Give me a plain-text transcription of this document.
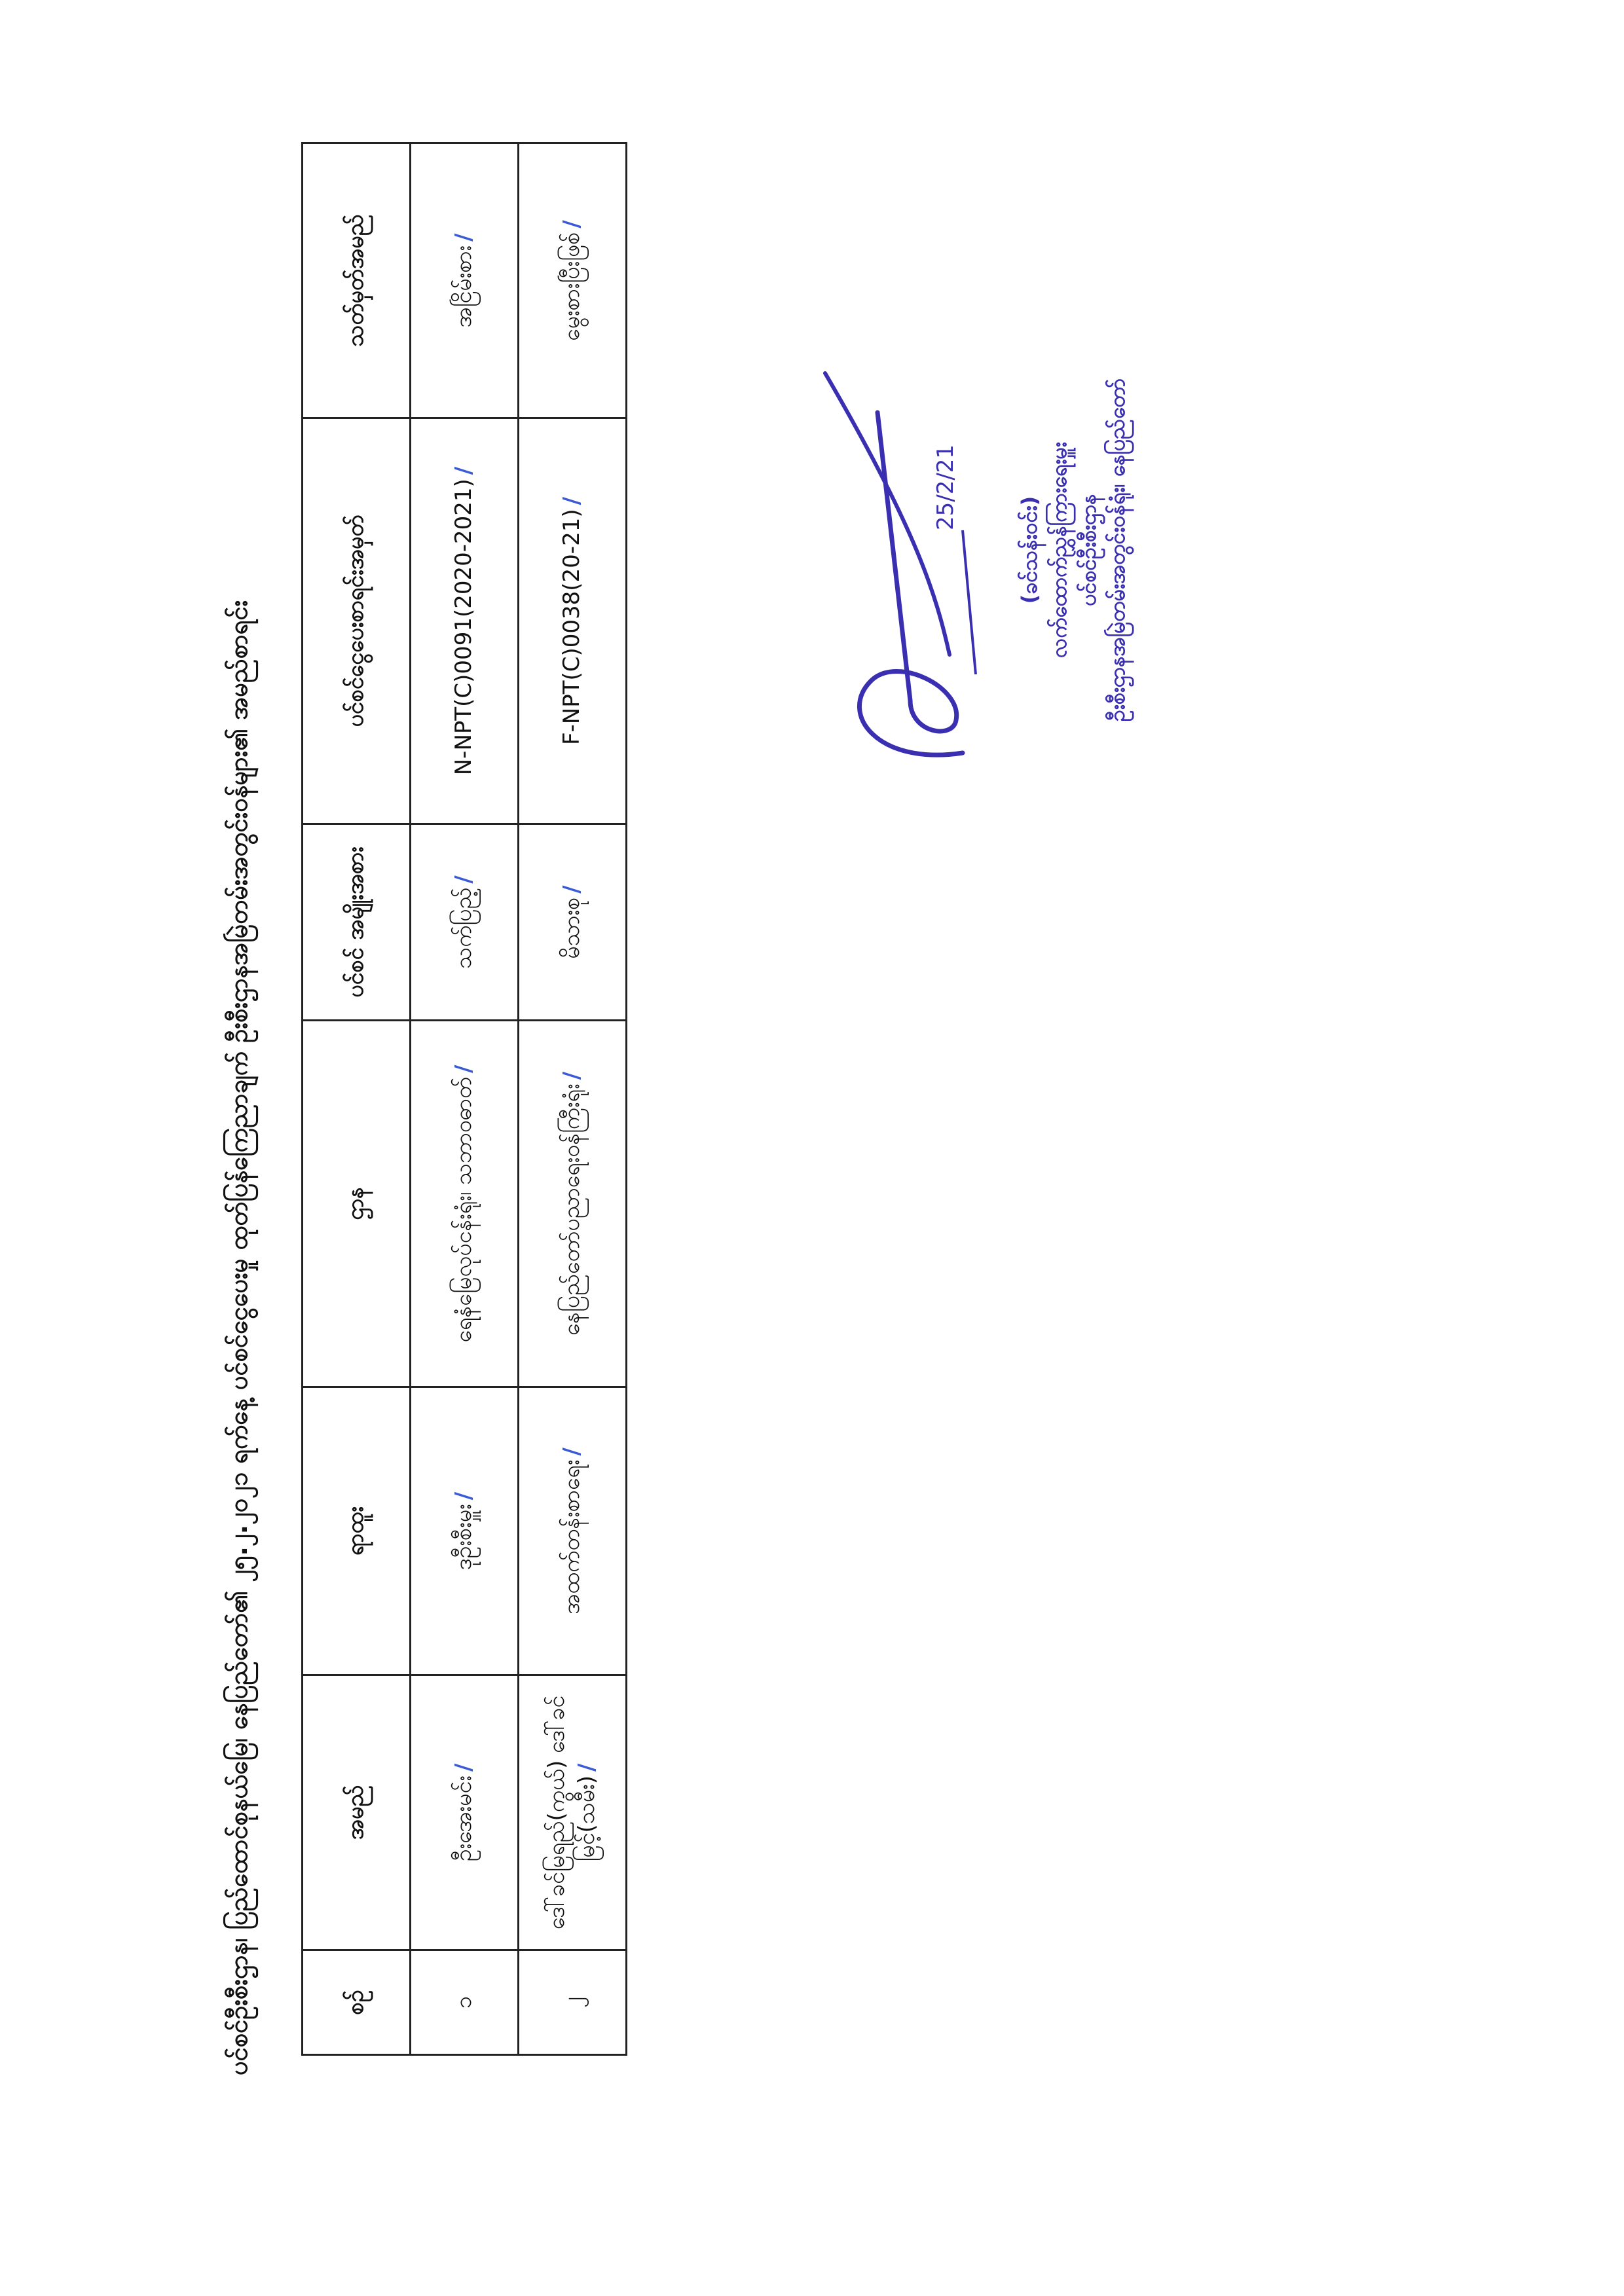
ပင်စင်ဦးစီးဌာန၊ ပြည်ထောင်စုနယ်မြေ၊ နေပြည်တော်၏ ၂၅.၂.၂၀၂၁ ရက်နေ့ ပင်စင်ငွေပေးမှု ထုတ်ပြန်ကြေညာချက် ဦးစီးဌာနအမြဲတမ်းအတွင်းဝန်များ၏ အမည်စာရင်း	စဉ်	အမည်	ရာထူး	ဌာန	ပင်စင် အမျိုးအစား	ပင်စင်ငွေပေးစာရင်းအမှတ်	သတ်မှတ်အမည်
၁	ဦးအေးမင်း/	ဒုဦးစီးမှူး/	ရေနံမြေလုပ်ငန်းရုံး၊ သဘာဝဓာတ်/	သက်ပြည့်/	N-NPT(C)0091(2020-2021)/	အငြိမ်းစား/
၂	ဒေါ်ခင်မြရည်(ကွယ်) ဒေါ်ခင်မြင့်(သမီး)/	အထက်တန်းစာရေး/	နေပြည်တော်ပညာရေးဝန်ကြီးရုံး/	မိသားစု/	F-NPT(C)0038(20-21)/	မွေးစားပြီးဖြစ်/
25/2/21
(ခင်သန်းဝင်း) လက်ထောက်ညွှန်ကြားရေးမှူး ပင်စင်ဦးစီးဌာန ဦးစီးဌာနအမြဲတမ်းအတွင်းဝန်ရုံး၊ နေပြည်တော်
